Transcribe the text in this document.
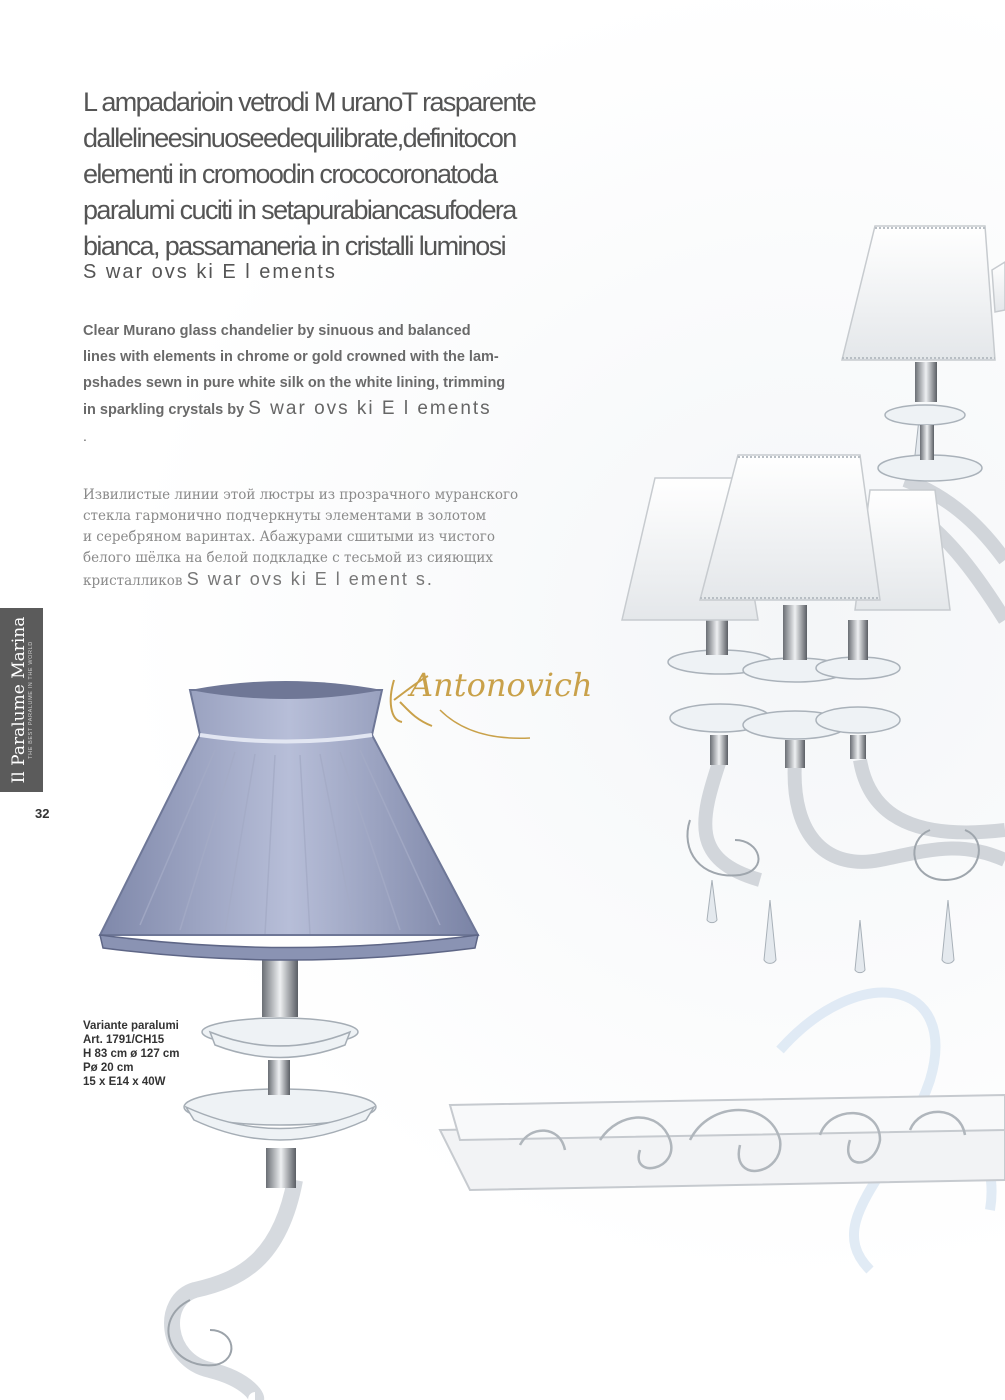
Antonovich
L ampadarioin vetrodi M uranoT rasparente
dallelineesinuoseedequilibrate,definitocon
elementi in cromoodin crococoronatoda
paralumi cuciti in setapurabiancasufodera
bianca, passamaneria in cristalli luminosi
S war ovs ki E l ements
Clear Murano glass chandelier by sinuous and balanced
lines with elements in chrome or gold crowned with the lam-
pshades sewn in pure white silk on the white lining, trimming
in sparkling crystals by S war ovs ki E l ements
.
Извилистые линии этой люстры из прозрачного муранского
стекла гармонично подчеркнуты элементами в золотом
и серебряном варинтах. Абажурами сшитыми из чистого
белого шёлка на белой подкладке с тесьмой из сияющих
кристалликов S war ovs ki E l ement s.
Il Paralume Marina THE BEST PARALUME IN THE WORLD
32
Variante paralumi
Art. 1791/CH15
H 83 cm ø 127 cm
Pø 20 cm
15 x E14 x 40W
